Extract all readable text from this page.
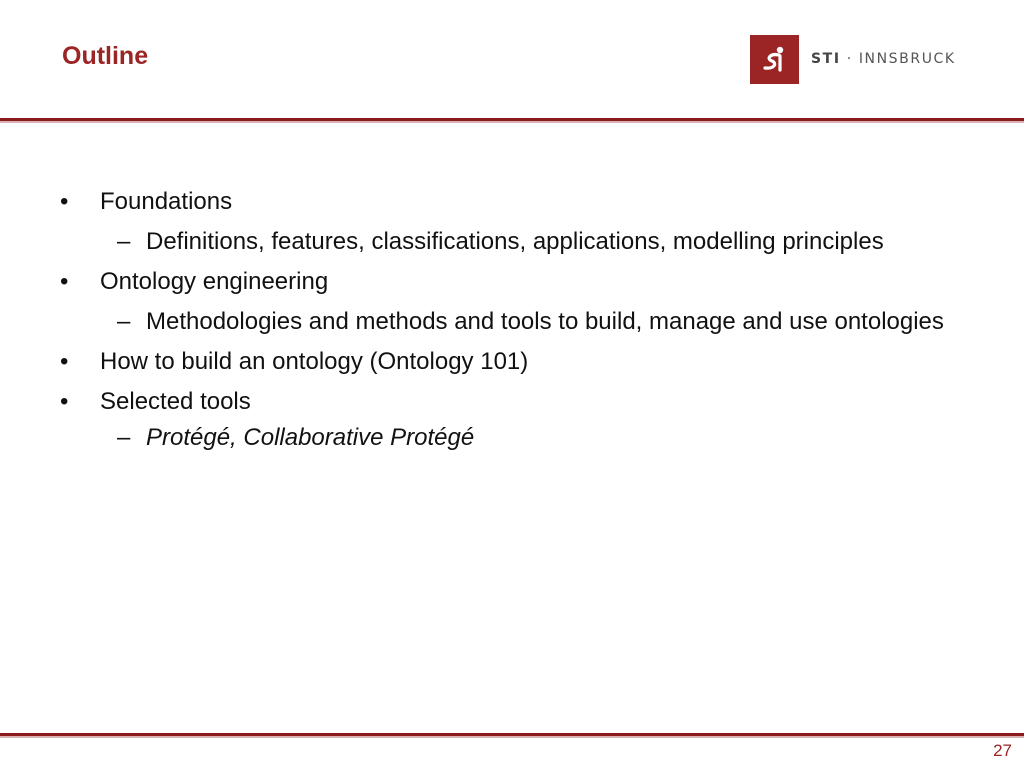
Outline	STI · INNSBRUCK
• Foundations
– Definitions, features, classifications, applications, modelling principles
• Ontology engineering
– Methodologies and methods and tools to build, manage and use ontologies
• How to build an ontology (Ontology 101)
• Selected tools
– Protégé, Collaborative Protégé
27
